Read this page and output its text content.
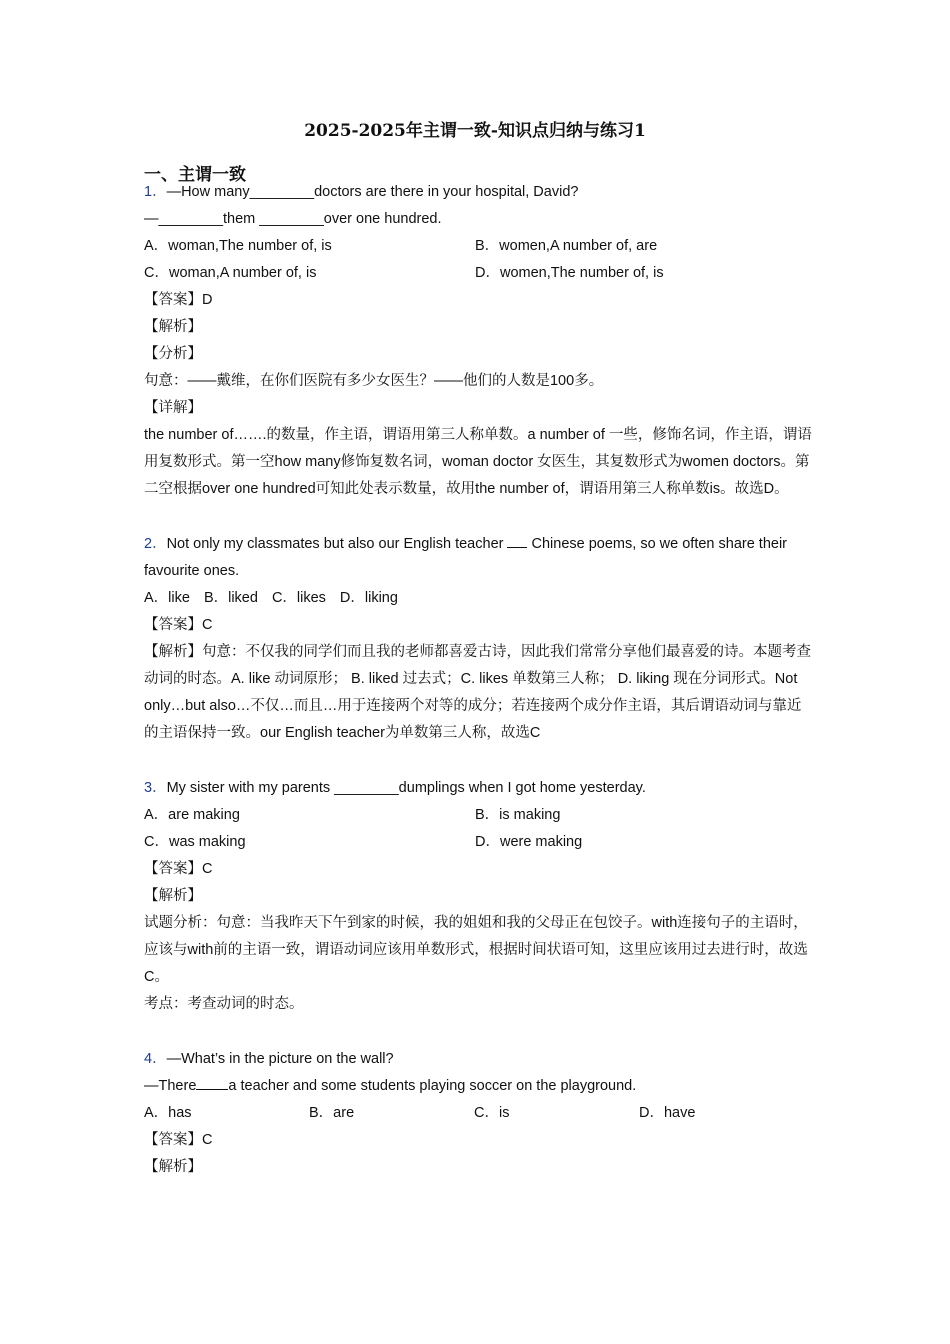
2025-2025年主谓一致-知识点归纳与练习1
一、主谓一致
1．—How many________doctors are there in your hospital, David?
—________them ________over one hundred.
A．woman,The number of, is	B．women,A number of, are
C．woman,A number of, is	D．women,The number of, is
【答案】D
【解析】
【分析】
句意：——戴维，在你们医院有多少女医生？——他们的人数是100多。
【详解】
the number of…….的数量，作主语，谓语用第三人称单数。a number of 一些，修饰名词，作主语，谓语用复数形式。第一空how many修饰复数名词，woman doctor 女医生，其复数形式为women doctors。第二空根据over one hundred可知此处表示数量，故用the number of，谓语用第三人称单数is。故选D。
2．Not only my classmates but also our English teacher  Chinese poems, so we often share their favourite ones.
A．like B．liked C．likes D．liking
【答案】C
【解析】句意：不仅我的同学们而且我的老师都喜爱古诗，因此我们常常分享他们最喜爱的诗。本题考查动词的时态。A. like 动词原形； B. liked 过去式；C. likes 单数第三人称； D. liking 现在分词形式。Not only…but also…不仅…而且…用于连接两个对等的成分；若连接两个成分作主语，其后谓语动词与靠近的主语保持一致。our English teacher为单数第三人称，故选C
3．My sister with my parents ________dumplings when I got home yesterday.
A．are making	B．is making
C．was making	D．were making
【答案】C
【解析】
试题分析：句意：当我昨天下午到家的时候，我的姐姐和我的父母正在包饺子。with连接句子的主语时，应该与with前的主语一致，谓语动词应该用单数形式，根据时间状语可知，这里应该用过去进行时，故选C。
考点：考查动词的时态。
4．—What’s in the picture on the wall?
—There a teacher and some students playing soccer on the playground.
A．has	B．are	C．is	D．have
【答案】C
【解析】
